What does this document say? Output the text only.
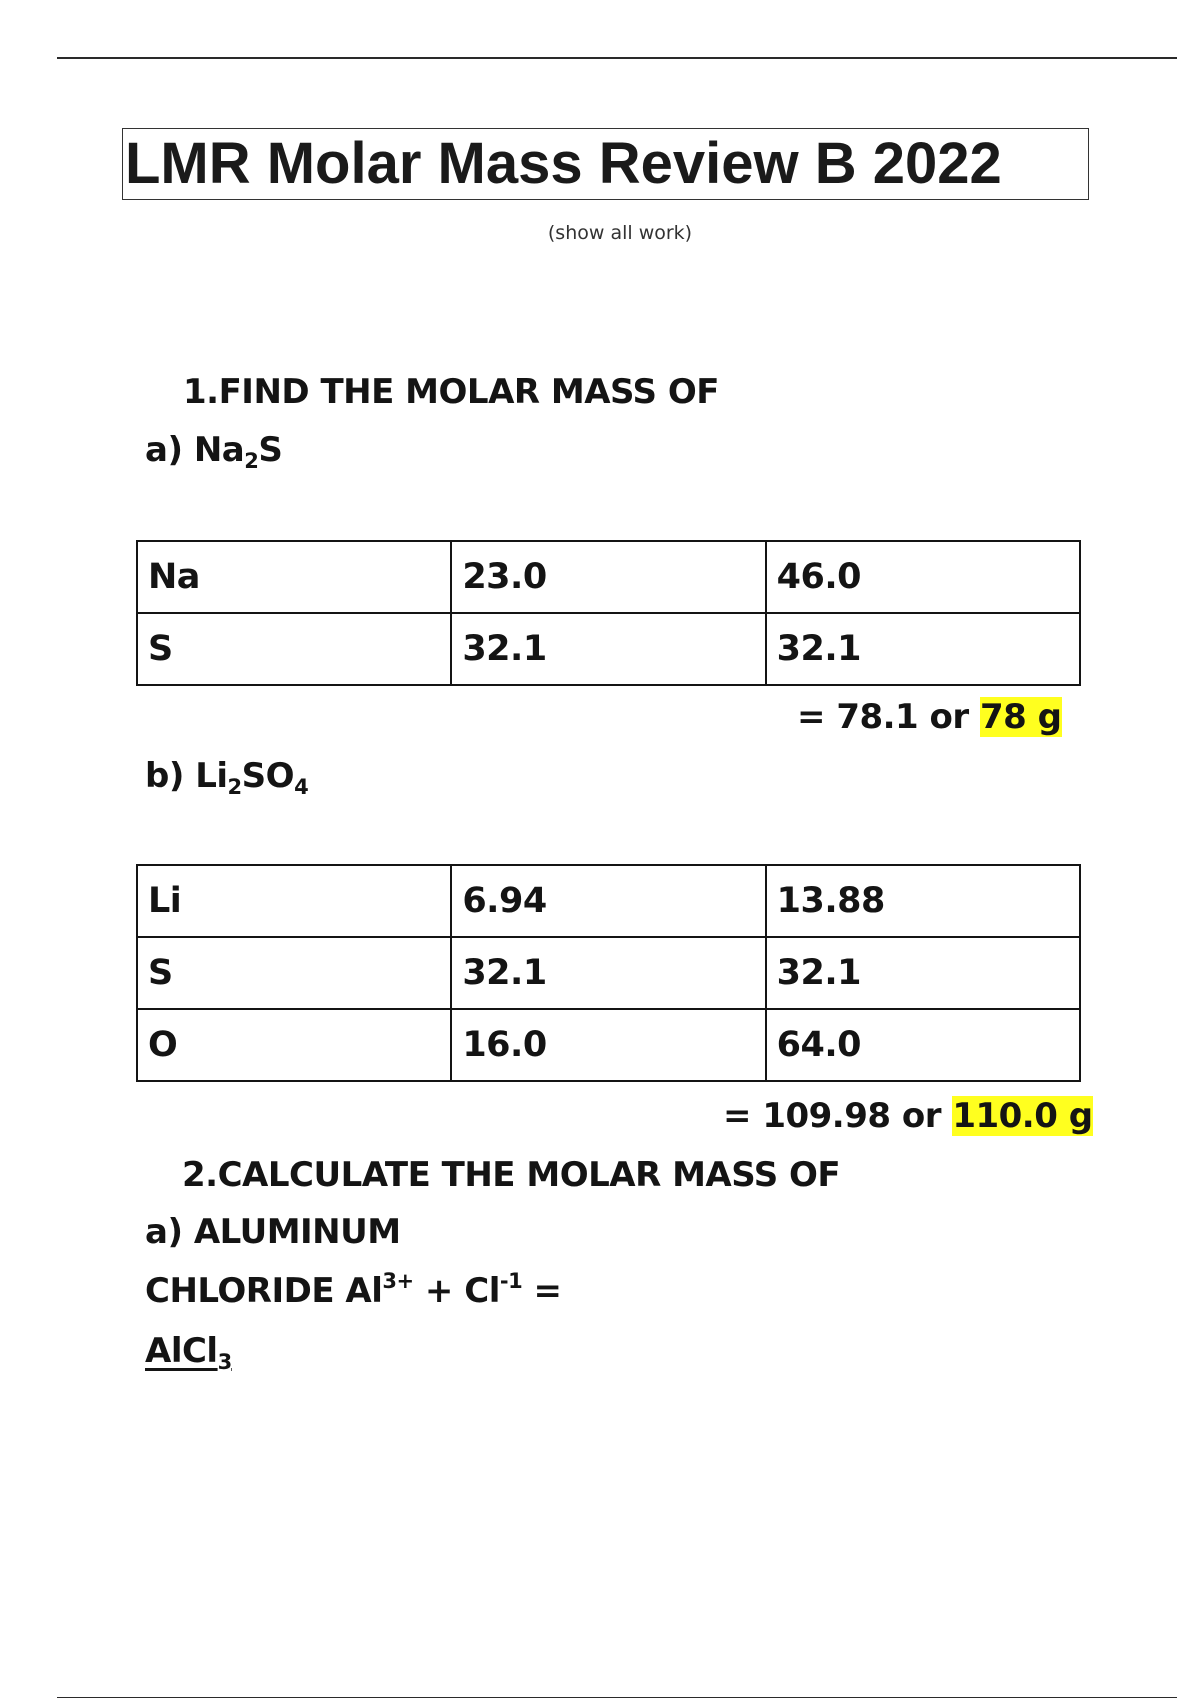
LMR Molar Mass Review B 2022
(show all work)
1.FIND THE MOLAR MASS OF
a) $Na_2S$
Na	23.0	46.0
S	32.1	32.1
= 78.1 or 78 g
b) $Li_2SO_4$
Li	6.94	13.88
S	32.1	32.1
O	16.0	64.0
= 109.98 or 110.0 g
2.CALCULATE THE MOLAR MASS OF
a) ALUMINUM
CHLORIDE $Al^{3+} + Cl^{-1}$ =
AlCl$_3$
